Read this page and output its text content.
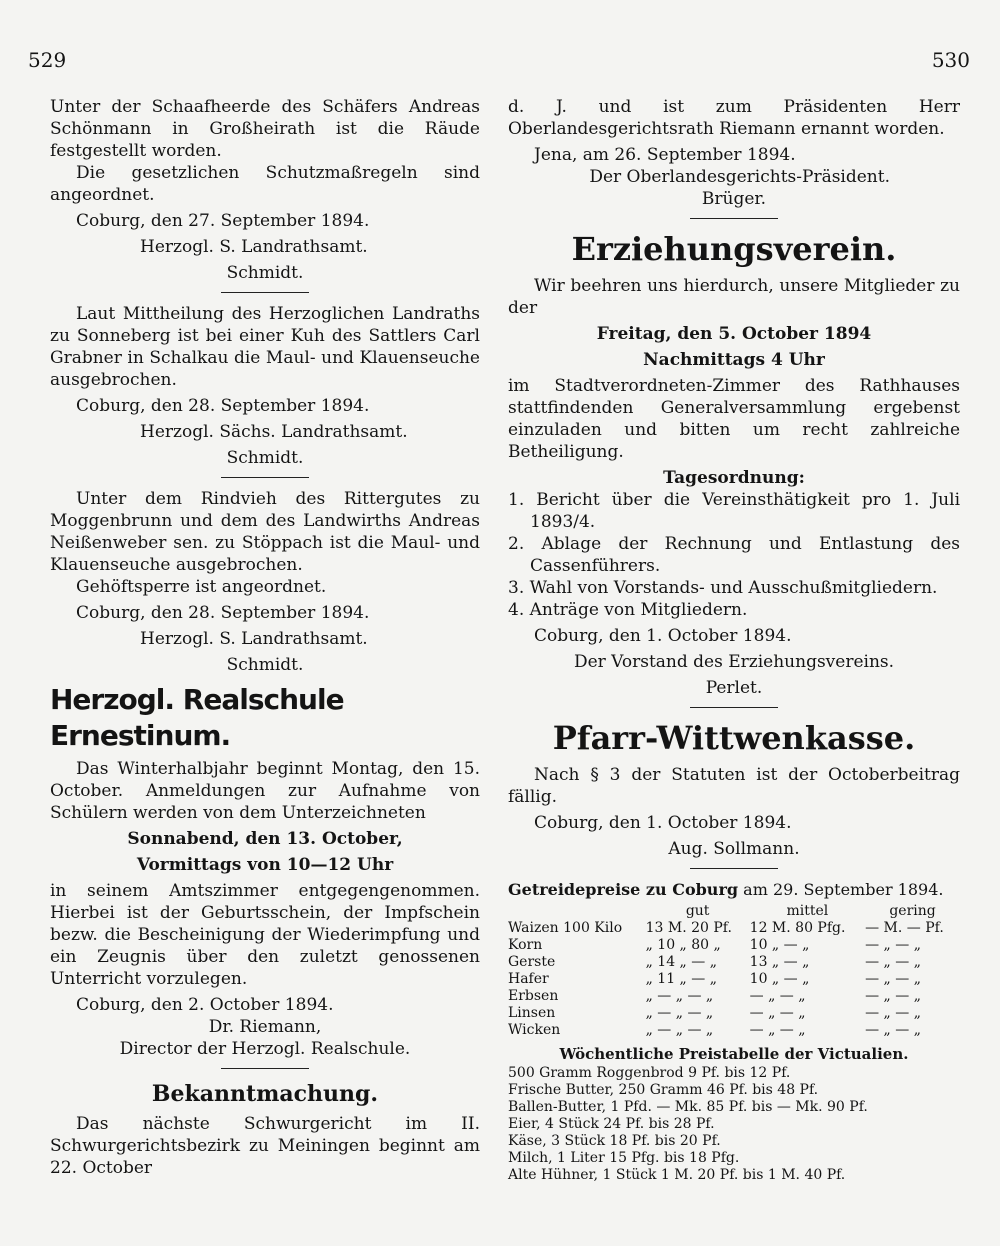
529	530

Unter der Schaafheerde des Schäfers Andreas Schönmann in Großheirath ist die Räude festgestellt worden.

Die gesetzlichen Schutzmaßregeln sind angeordnet.

Coburg, den 27. September 1894.

Herzogl. S. Landrathsamt.

Schmidt.

Laut Mittheilung des Herzoglichen Landraths zu Sonneberg ist bei einer Kuh des Sattlers Carl Grabner in Schalkau die Maul- und Klauenseuche ausgebrochen.

Coburg, den 28. September 1894.

Herzogl. Sächs. Landrathsamt.

Schmidt.

Unter dem Rindvieh des Rittergutes zu Moggenbrunn und dem des Landwirths Andreas Neißenweber sen. zu Stöppach ist die Maul- und Klauenseuche ausgebrochen.

Gehöftsperre ist angeordnet.

Coburg, den 28. September 1894.

Herzogl. S. Landrathsamt.

Schmidt.

Herzogl. Realschule Ernestinum.

Das Winterhalbjahr beginnt Montag, den 15. October. Anmeldungen zur Aufnahme von Schülern werden von dem Unterzeichneten

Sonnabend, den 13. October,

Vormittags von 10—12 Uhr

in seinem Amtszimmer entgegengenommen. Hierbei ist der Geburtsschein, der Impfschein bezw. die Bescheinigung der Wiederimpfung und ein Zeugnis über den zuletzt genossenen Unterricht vorzulegen.

Coburg, den 2. October 1894.

Dr. Riemann,

Director der Herzogl. Realschule.

Bekanntmachung.

Das nächste Schwurgericht im II. Schwurgerichtsbezirk zu Meiningen beginnt am 22. October

d. J. und ist zum Präsidenten Herr Oberlandesgerichtsrath Riemann ernannt worden.

Jena, am 26. September 1894.

Der Oberlandesgerichts-Präsident.

Brüger.

Erziehungsverein.

Wir beehren uns hierdurch, unsere Mitglieder zu der

Freitag, den 5. October 1894

Nachmittags 4 Uhr

im Stadtverordneten-Zimmer des Rathhauses stattfindenden Generalversammlung ergebenst einzuladen und bitten um recht zahlreiche Betheiligung.

Tagesordnung:

1. Bericht über die Vereinsthätigkeit pro 1. Juli 1893/4.
2. Ablage der Rechnung und Entlastung des Cassenführers.
3. Wahl von Vorstands- und Ausschußmitgliedern.
4. Anträge von Mitgliedern.

Coburg, den 1. October 1894.

Der Vorstand des Erziehungsvereins.

Perlet.

Pfarr-Wittwenkasse.

Nach § 3 der Statuten ist der Octoberbeitrag fällig.

Coburg, den 1. October 1894.

Aug. Sollmann.

Getreidepreise zu Coburg am 29. September 1894.

	gut	mittel	gering
Waizen 100 Kilo	13 M. 20 Pf.	12 M. 80 Pfg.	— M. — Pf.
Korn	„ 10 „ 80 „	10 „ — „	— „ — „
Gerste	„ 14 „ — „	13 „ — „	— „ — „
Hafer	„ 11 „ — „	10 „ — „	— „ — „
Erbsen	„ — „ — „	— „ — „	— „ — „
Linsen	„ — „ — „	— „ — „	— „ — „
Wicken	„ — „ — „	— „ — „	— „ — „

Wöchentliche Preistabelle der Victualien.

500 Gramm Roggenbrod 9 Pf. bis 12 Pf.
Frische Butter, 250 Gramm 46 Pf. bis 48 Pf.
Ballen-Butter, 1 Pfd. — Mk. 85 Pf. bis — Mk. 90 Pf.
Eier, 4 Stück 24 Pf. bis 28 Pf.
Käse, 3 Stück 18 Pf. bis 20 Pf.
Milch, 1 Liter 15 Pfg. bis 18 Pfg.
Alte Hühner, 1 Stück 1 M. 20 Pf. bis 1 M. 40 Pf.
